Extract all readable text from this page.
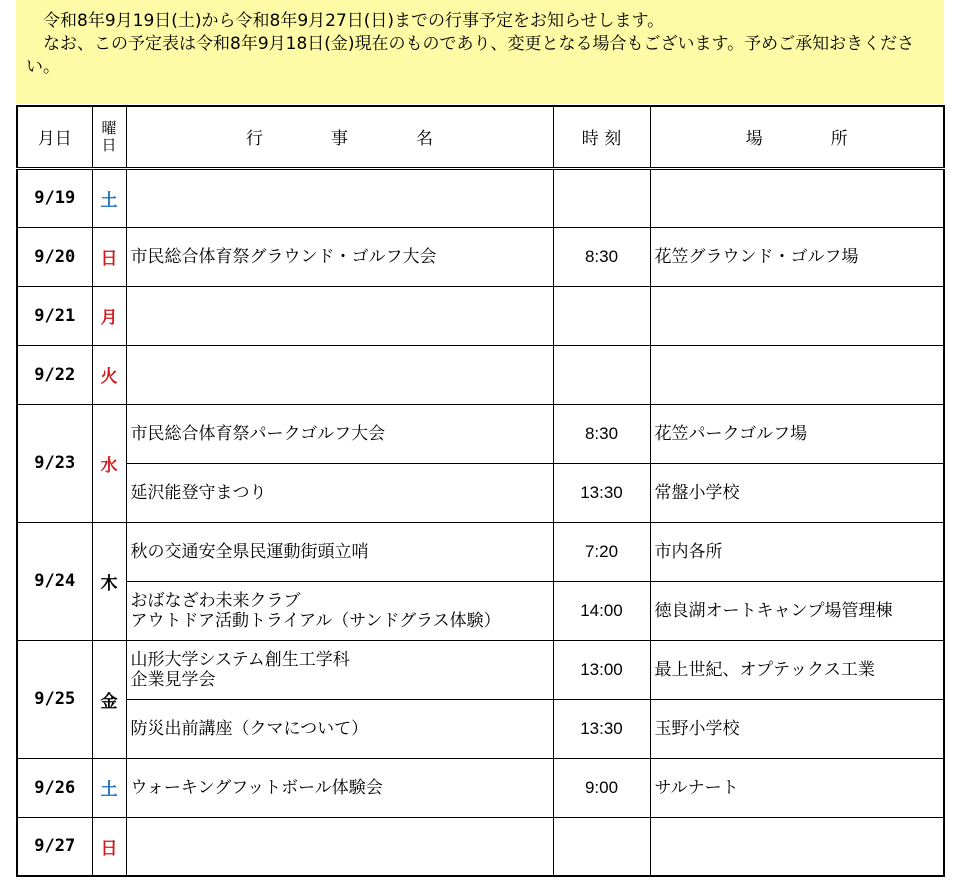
令和8年9月19日(土)から令和8年9月27日(日)までの行事予定をお知らせします。

なお、この予定表は令和8年9月18日(金)現在のものであり、変更となる場合もございます。予めご承知おきください。

月日	曜日	行　　　　事　　　　名	時 刻	場　　　　所
9/19	土			
9/20	日	市民総合体育祭グラウンド・ゴルフ大会	8:30	花笠グラウンド・ゴルフ場
9/21	月			
9/22	火			
9/23	水	市民総合体育祭パークゴルフ大会	8:30	花笠パークゴルフ場
		延沢能登守まつり	13:30	常盤小学校
9/24	木	秋の交通安全県民運動街頭立哨	7:20	市内各所
		おばなざわ未来クラブ
アウトドア活動トライアル（サンドグラス体験）	14:00	徳良湖オートキャンプ場管理棟
9/25	金	山形大学システム創生工学科
企業見学会	13:00	最上世紀、オプテックス工業
		防災出前講座（クマについて）	13:30	玉野小学校
9/26	土	ウォーキングフットボール体験会	9:00	サルナート
9/27	日			
